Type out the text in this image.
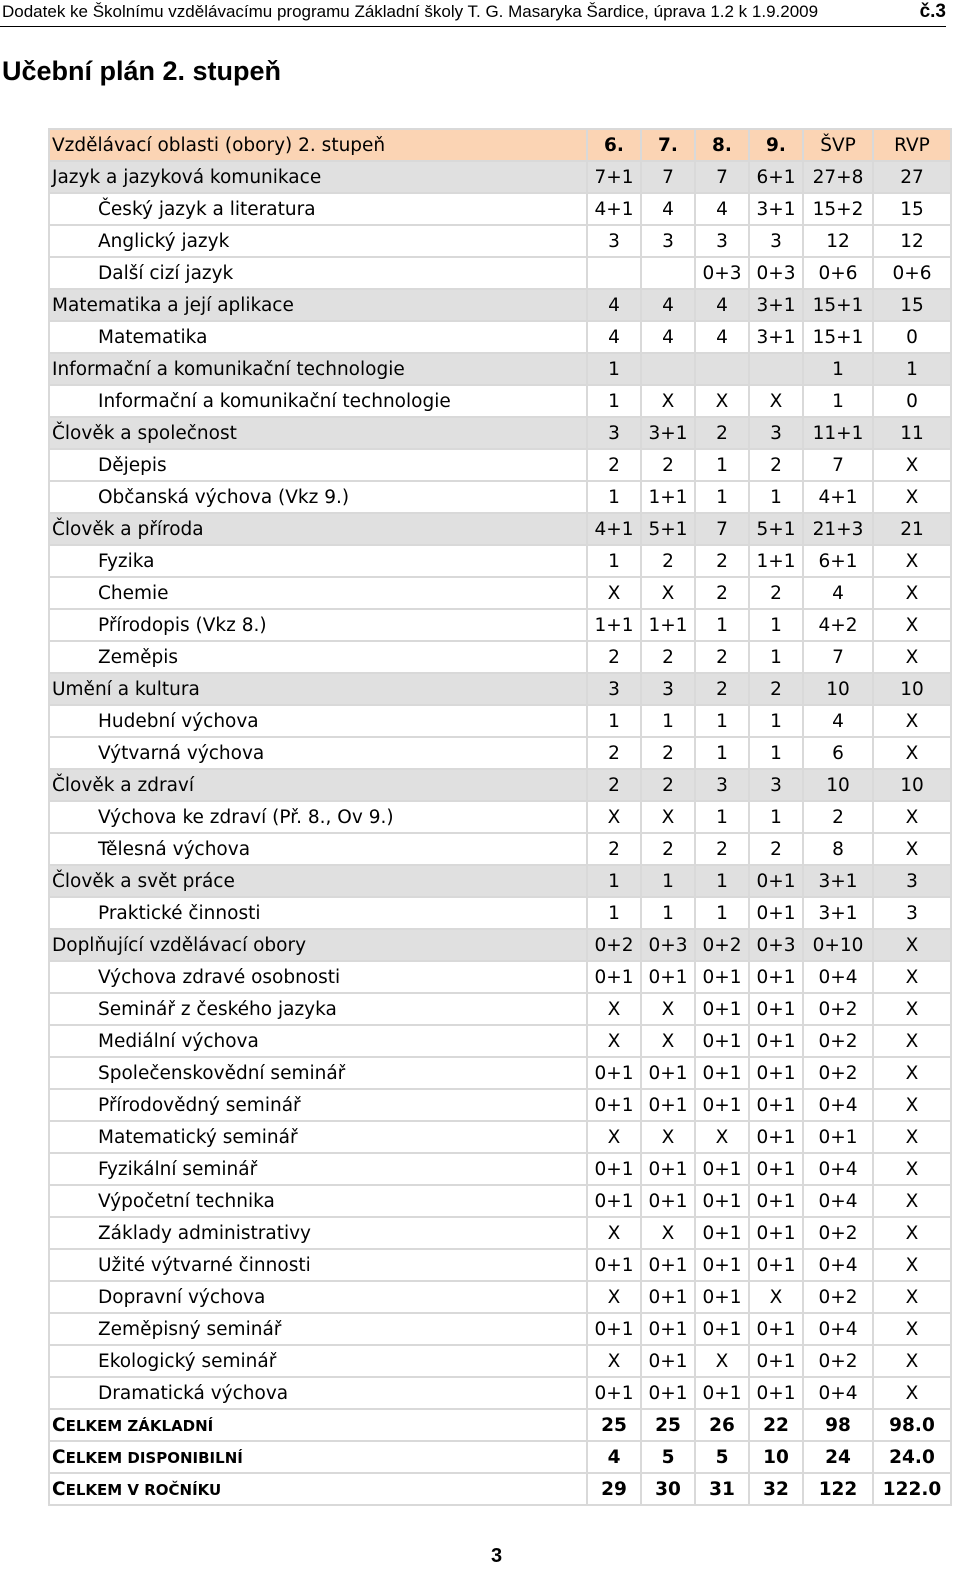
Dodatek ke Školnímu vzdělávacímu programu Základní školy T. G. Masaryka Šardice, úprava 1.2 k 1.9.2009	č.3
Učební plán 2. stupeň
Vzdělávací oblasti (obory) 2. stupeň	6.	7.	8.	9.	ŠVP	RVP
Jazyk a jazyková komunikace	7+1	7	7	6+1	27+8	27
Český jazyk a literatura	4+1	4	4	3+1	15+2	15
Anglický jazyk	3	3	3	3	12	12
Další cizí jazyk			0+3	0+3	0+6	0+6
Matematika a její aplikace	4	4	4	3+1	15+1	15
Matematika	4	4	4	3+1	15+1	0
Informační a komunikační technologie	1				1	1
Informační a komunikační technologie	1	X	X	X	1	0
Člověk a společnost	3	3+1	2	3	11+1	11
Dějepis	2	2	1	2	7	X
Občanská výchova (Vkz 9.)	1	1+1	1	1	4+1	X
Člověk a příroda	4+1	5+1	7	5+1	21+3	21
Fyzika	1	2	2	1+1	6+1	X
Chemie	X	X	2	2	4	X
Přírodopis (Vkz 8.)	1+1	1+1	1	1	4+2	X
Zeměpis	2	2	2	1	7	X
Umění a kultura	3	3	2	2	10	10
Hudební výchova	1	1	1	1	4	X
Výtvarná výchova	2	2	1	1	6	X
Člověk a zdraví	2	2	3	3	10	10
Výchova ke zdraví (Př. 8., Ov 9.)	X	X	1	1	2	X
Tělesná výchova	2	2	2	2	8	X
Člověk a svět práce	1	1	1	0+1	3+1	3
Praktické činnosti	1	1	1	0+1	3+1	3
Doplňující vzdělávací obory	0+2	0+3	0+2	0+3	0+10	X
Výchova zdravé osobnosti	0+1	0+1	0+1	0+1	0+4	X
Seminář z českého jazyka	X	X	0+1	0+1	0+2	X
Mediální výchova	X	X	0+1	0+1	0+2	X
Společenskovědní seminář	0+1	0+1	0+1	0+1	0+2	X
Přírodovědný seminář	0+1	0+1	0+1	0+1	0+4	X
Matematický seminář	X	X	X	0+1	0+1	X
Fyzikální seminář	0+1	0+1	0+1	0+1	0+4	X
Výpočetní technika	0+1	0+1	0+1	0+1	0+4	X
Základy administrativy	X	X	0+1	0+1	0+2	X
Užité výtvarné činnosti	0+1	0+1	0+1	0+1	0+4	X
Dopravní výchova	X	0+1	0+1	X	0+2	X
Zeměpisný seminář	0+1	0+1	0+1	0+1	0+4	X
Ekologický seminář	X	0+1	X	0+1	0+2	X
Dramatická výchova	0+1	0+1	0+1	0+1	0+4	X
CELKEM ZÁKLADNÍ	25	25	26	22	98	98.0
CELKEM DISPONIBILNÍ	4	5	5	10	24	24.0
CELKEM V ROČNÍKU	29	30	31	32	122	122.0
3
